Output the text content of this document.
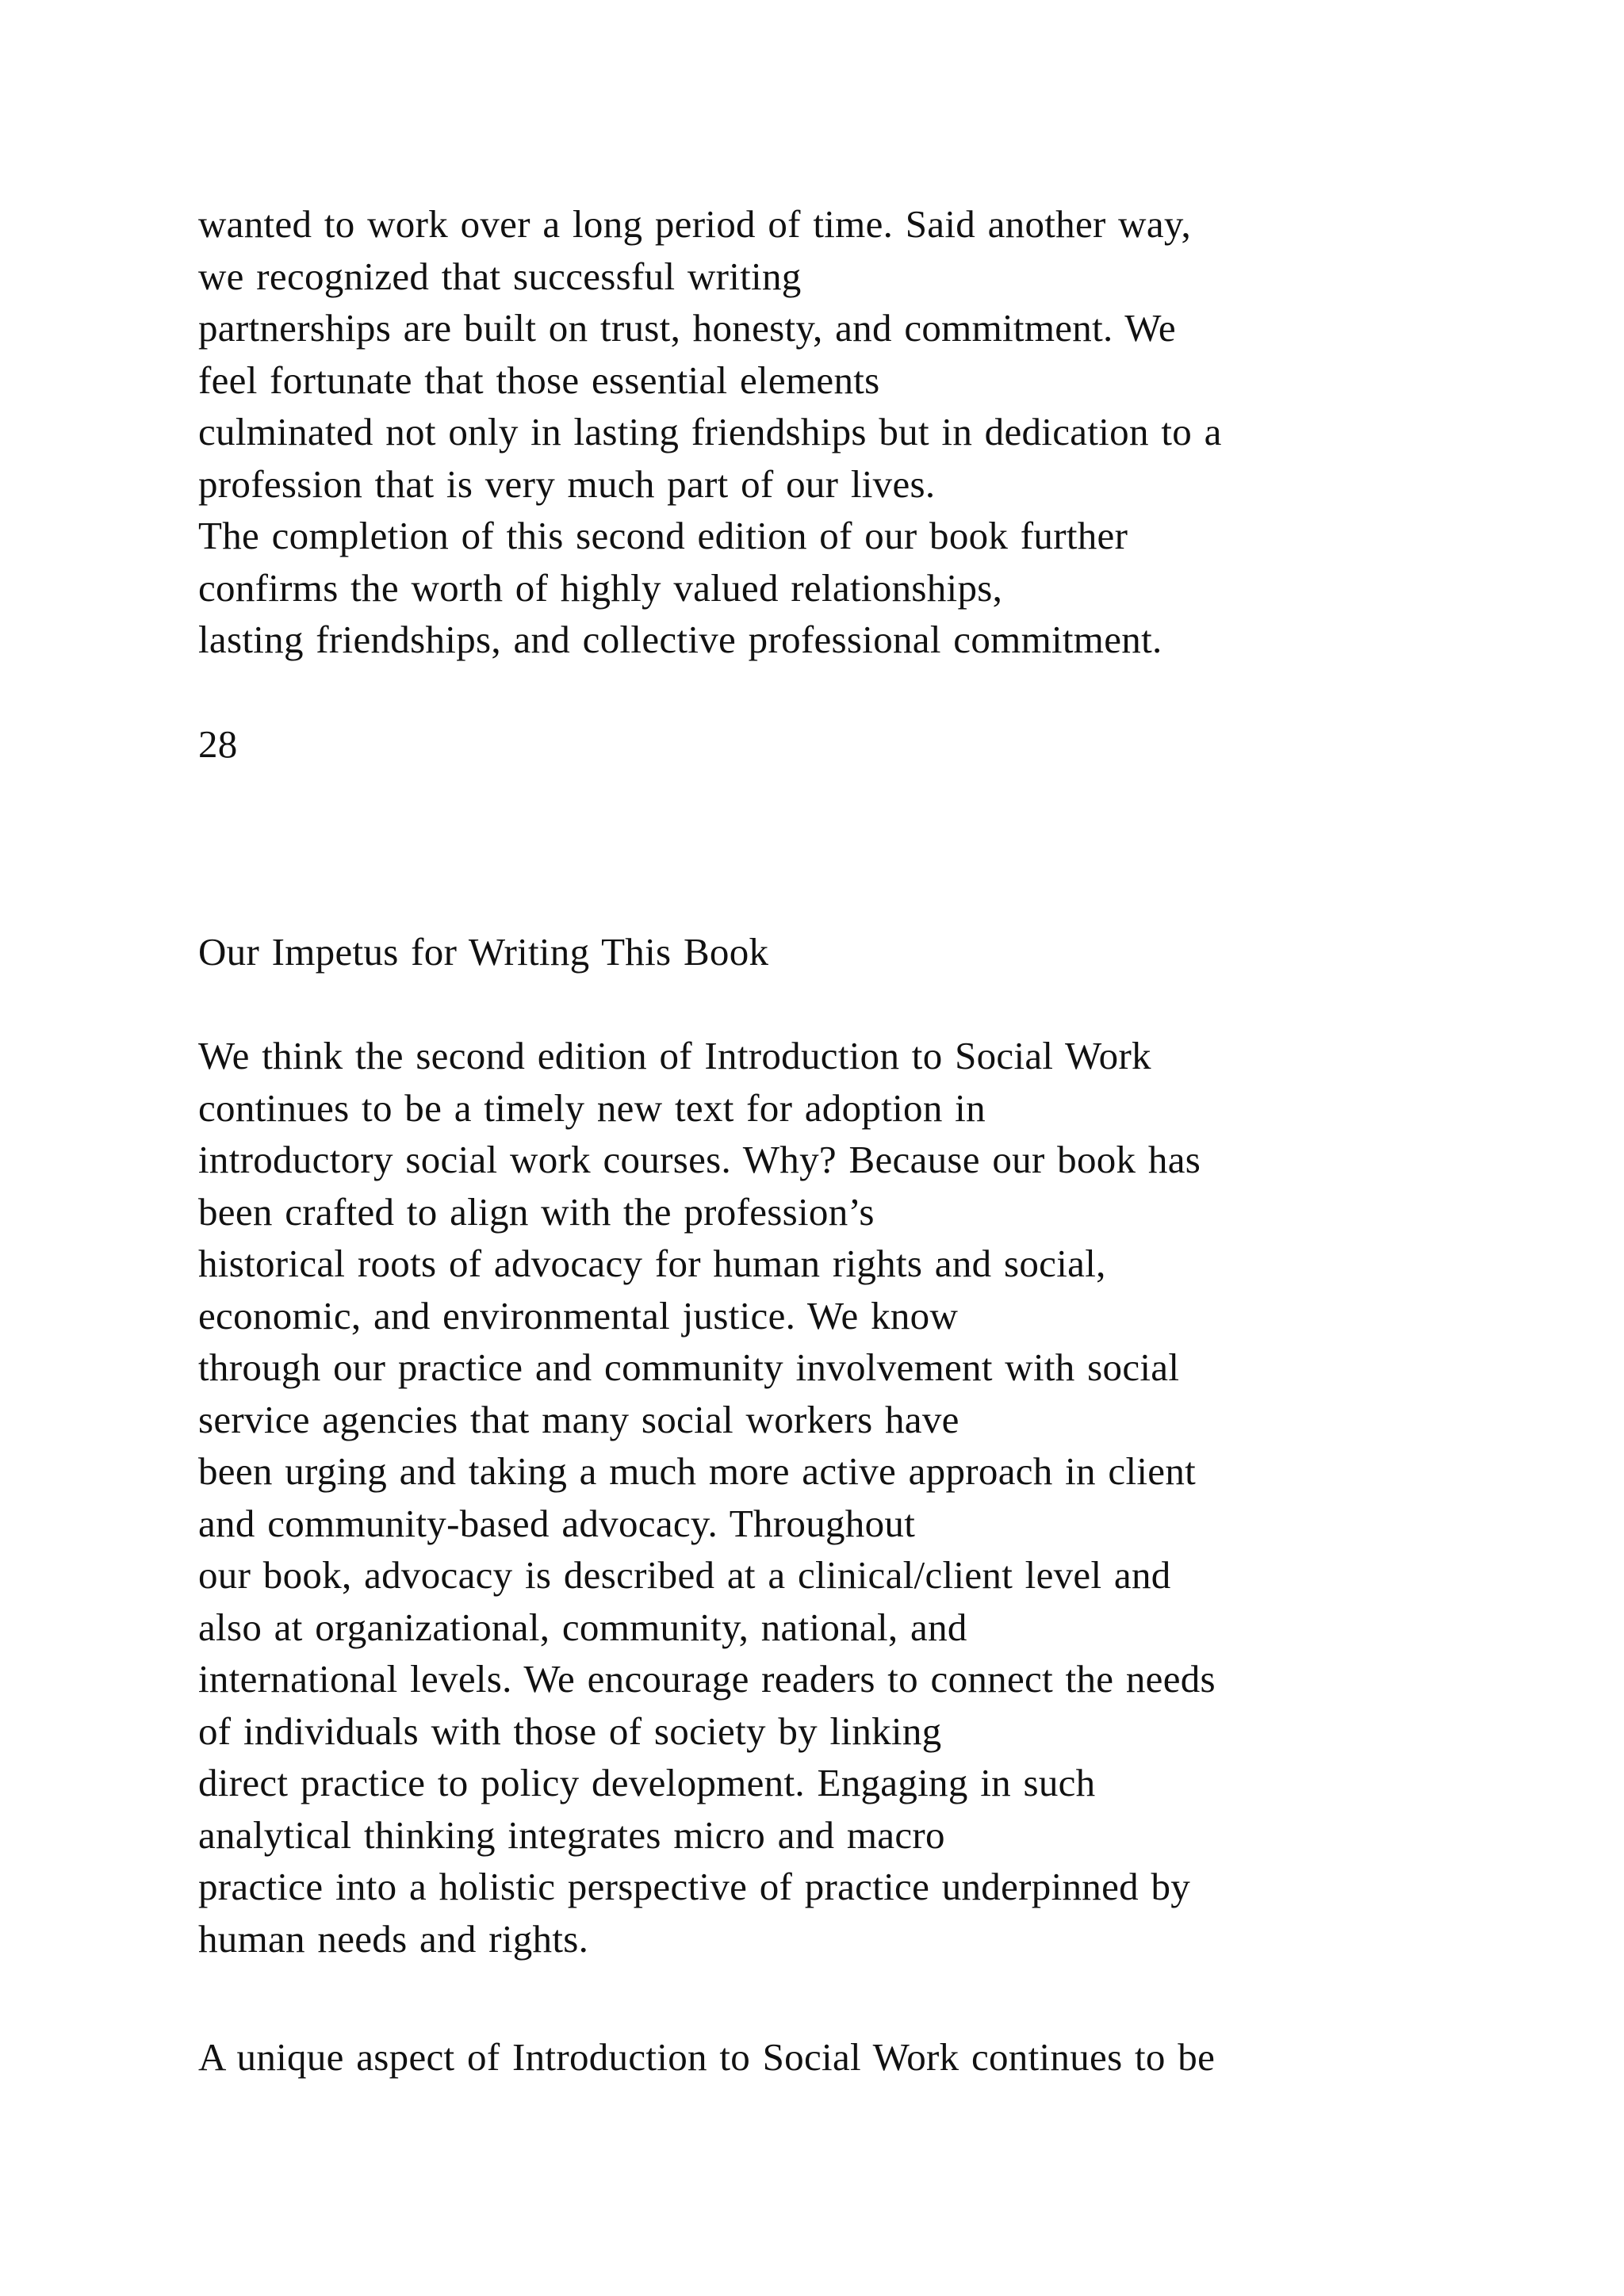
wanted to work over a long period of time. Said another way,
we recognized that successful writing
partnerships are built on trust, honesty, and commitment. We
feel fortunate that those essential elements
culminated not only in lasting friendships but in dedication to a
profession that is very much part of our lives.
The completion of this second edition of our book further
confirms the worth of highly valued relationships,
lasting friendships, and collective professional commitment.

28

Our Impetus for Writing This Book

We think the second edition of Introduction to Social Work
continues to be a timely new text for adoption in
introductory social work courses. Why? Because our book has
been crafted to align with the profession’s
historical roots of advocacy for human rights and social,
economic, and environmental justice. We know
through our practice and community involvement with social
service agencies that many social workers have
been urging and taking a much more active approach in client
and community-based advocacy. Throughout
our book, advocacy is described at a clinical/client level and
also at organizational, community, national, and
international levels. We encourage readers to connect the needs
of individuals with those of society by linking
direct practice to policy development. Engaging in such
analytical thinking integrates micro and macro
practice into a holistic perspective of practice underpinned by
human needs and rights.

A unique aspect of Introduction to Social Work continues to be
